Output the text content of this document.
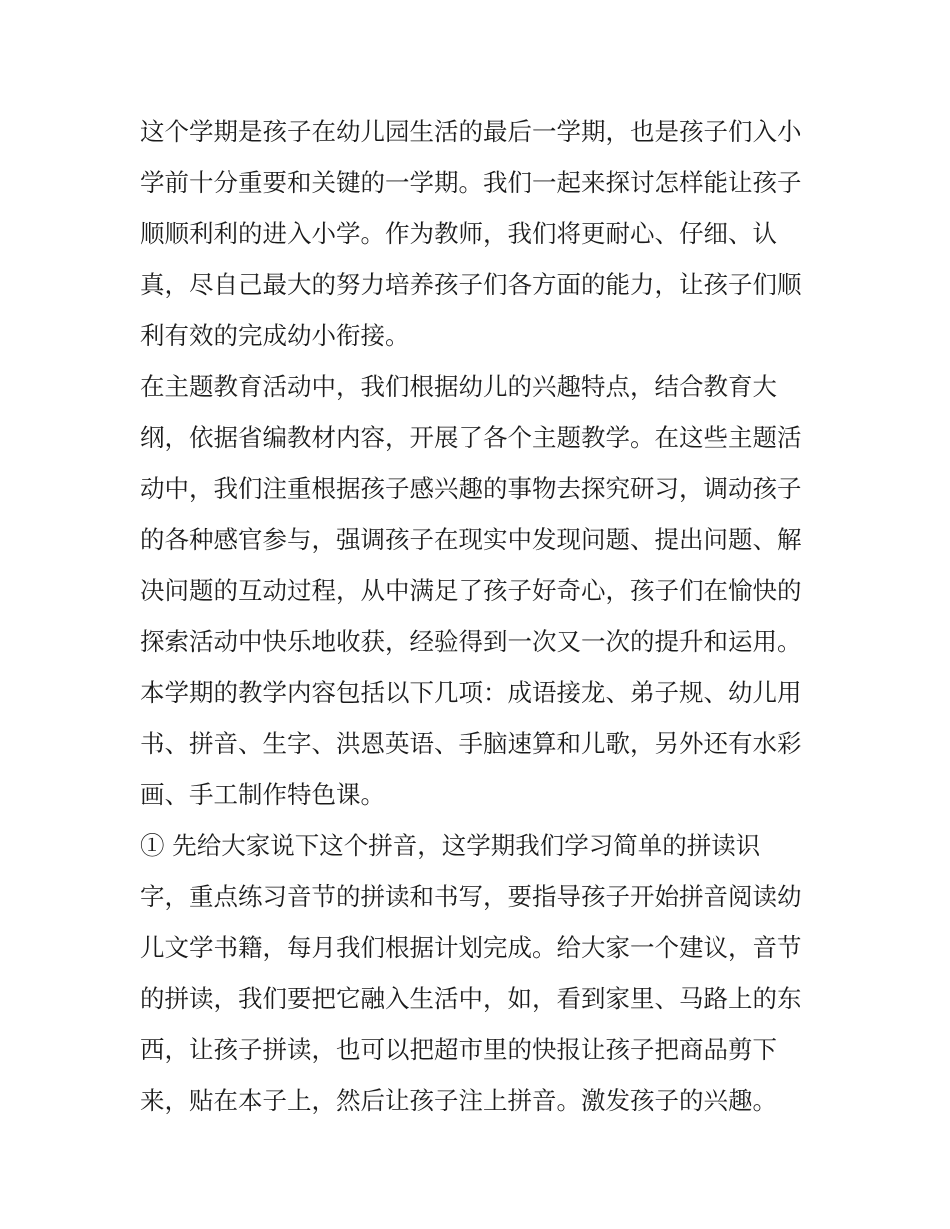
这个学期是孩子在幼儿园生活的最后一学期，也是孩子们入小
学前十分重要和关键的一学期。我们一起来探讨怎样能让孩子
顺顺利利的进入小学。作为教师，我们将更耐心、仔细、认
真，尽自己最大的努力培养孩子们各方面的能力，让孩子们顺
利有效的完成幼小衔接。
在主题教育活动中，我们根据幼儿的兴趣特点，结合教育大
纲，依据省编教材内容，开展了各个主题教学。在这些主题活
动中，我们注重根据孩子感兴趣的事物去探究研习，调动孩子
的各种感官参与，强调孩子在现实中发现问题、提出问题、解
决问题的互动过程，从中满足了孩子好奇心，孩子们在愉快的
探索活动中快乐地收获，经验得到一次又一次的提升和运用。
本学期的教学内容包括以下几项：成语接龙、弟子规、幼儿用
书、拼音、生字、洪恩英语、手脑速算和儿歌，另外还有水彩
画、手工制作特色课。
① 先给大家说下这个拼音，这学期我们学习简单的拼读识
字，重点练习音节的拼读和书写，要指导孩子开始拼音阅读幼
儿文学书籍，每月我们根据计划完成。给大家一个建议，音节
的拼读，我们要把它融入生活中，如，看到家里、马路上的东
西，让孩子拼读，也可以把超市里的快报让孩子把商品剪下
来，贴在本子上，然后让孩子注上拼音。激发孩子的兴趣。
